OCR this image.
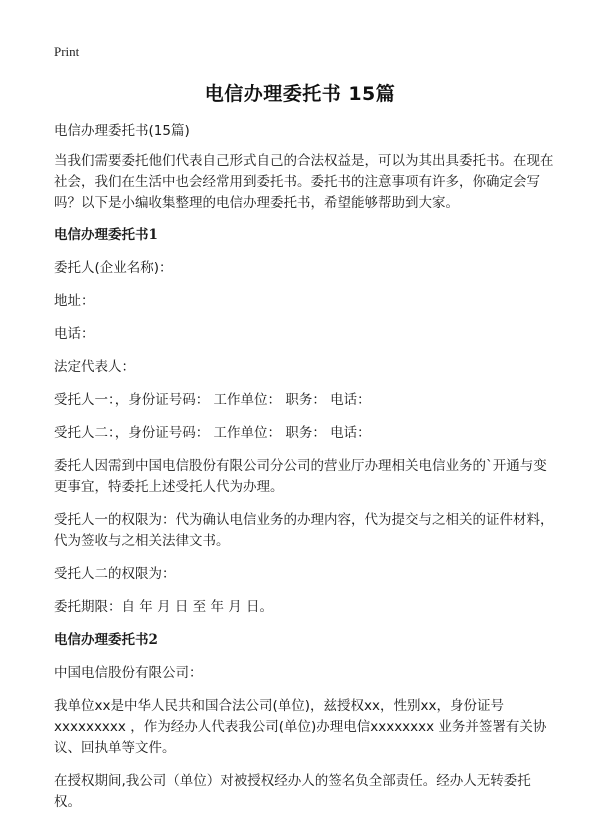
Print
电信办理委托书 15篇

电信办理委托书(15篇)

当我们需要委托他们代表自己形式自己的合法权益是，可以为其出具委托书。在现在社会，我们在生活中也会经常用到委托书。委托书的注意事项有许多，你确定会写吗？以下是小编收集整理的电信办理委托书，希望能够帮助到大家。

电信办理委托书1

委托人(企业名称)：

地址：

电话：

法定代表人：

受托人一：，身份证号码： 工作单位： 职务： 电话：

受托人二：，身份证号码： 工作单位： 职务： 电话：

委托人因需到中国电信股份有限公司分公司的营业厅办理相关电信业务的`开通与变更事宜，特委托上述受托人代为办理。

受托人一的权限为：代为确认电信业务的办理内容，代为提交与之相关的证件材料，代为签收与之相关法律文书。

受托人二的权限为：

委托期限：自 年 月 日 至 年 月 日。

电信办理委托书2

中国电信股份有限公司：

我单位xx是中华人民共和国合法公司(单位)，兹授权xx，性别xx，身份证号xxxxxxxxx ，作为经办人代表我公司(单位)办理电信xxxxxxxx 业务并签署有关协议、回执单等文件。

在授权期间,我公司（单位）对被授权经办人的签名负全部责任。经办人无转委托权。
